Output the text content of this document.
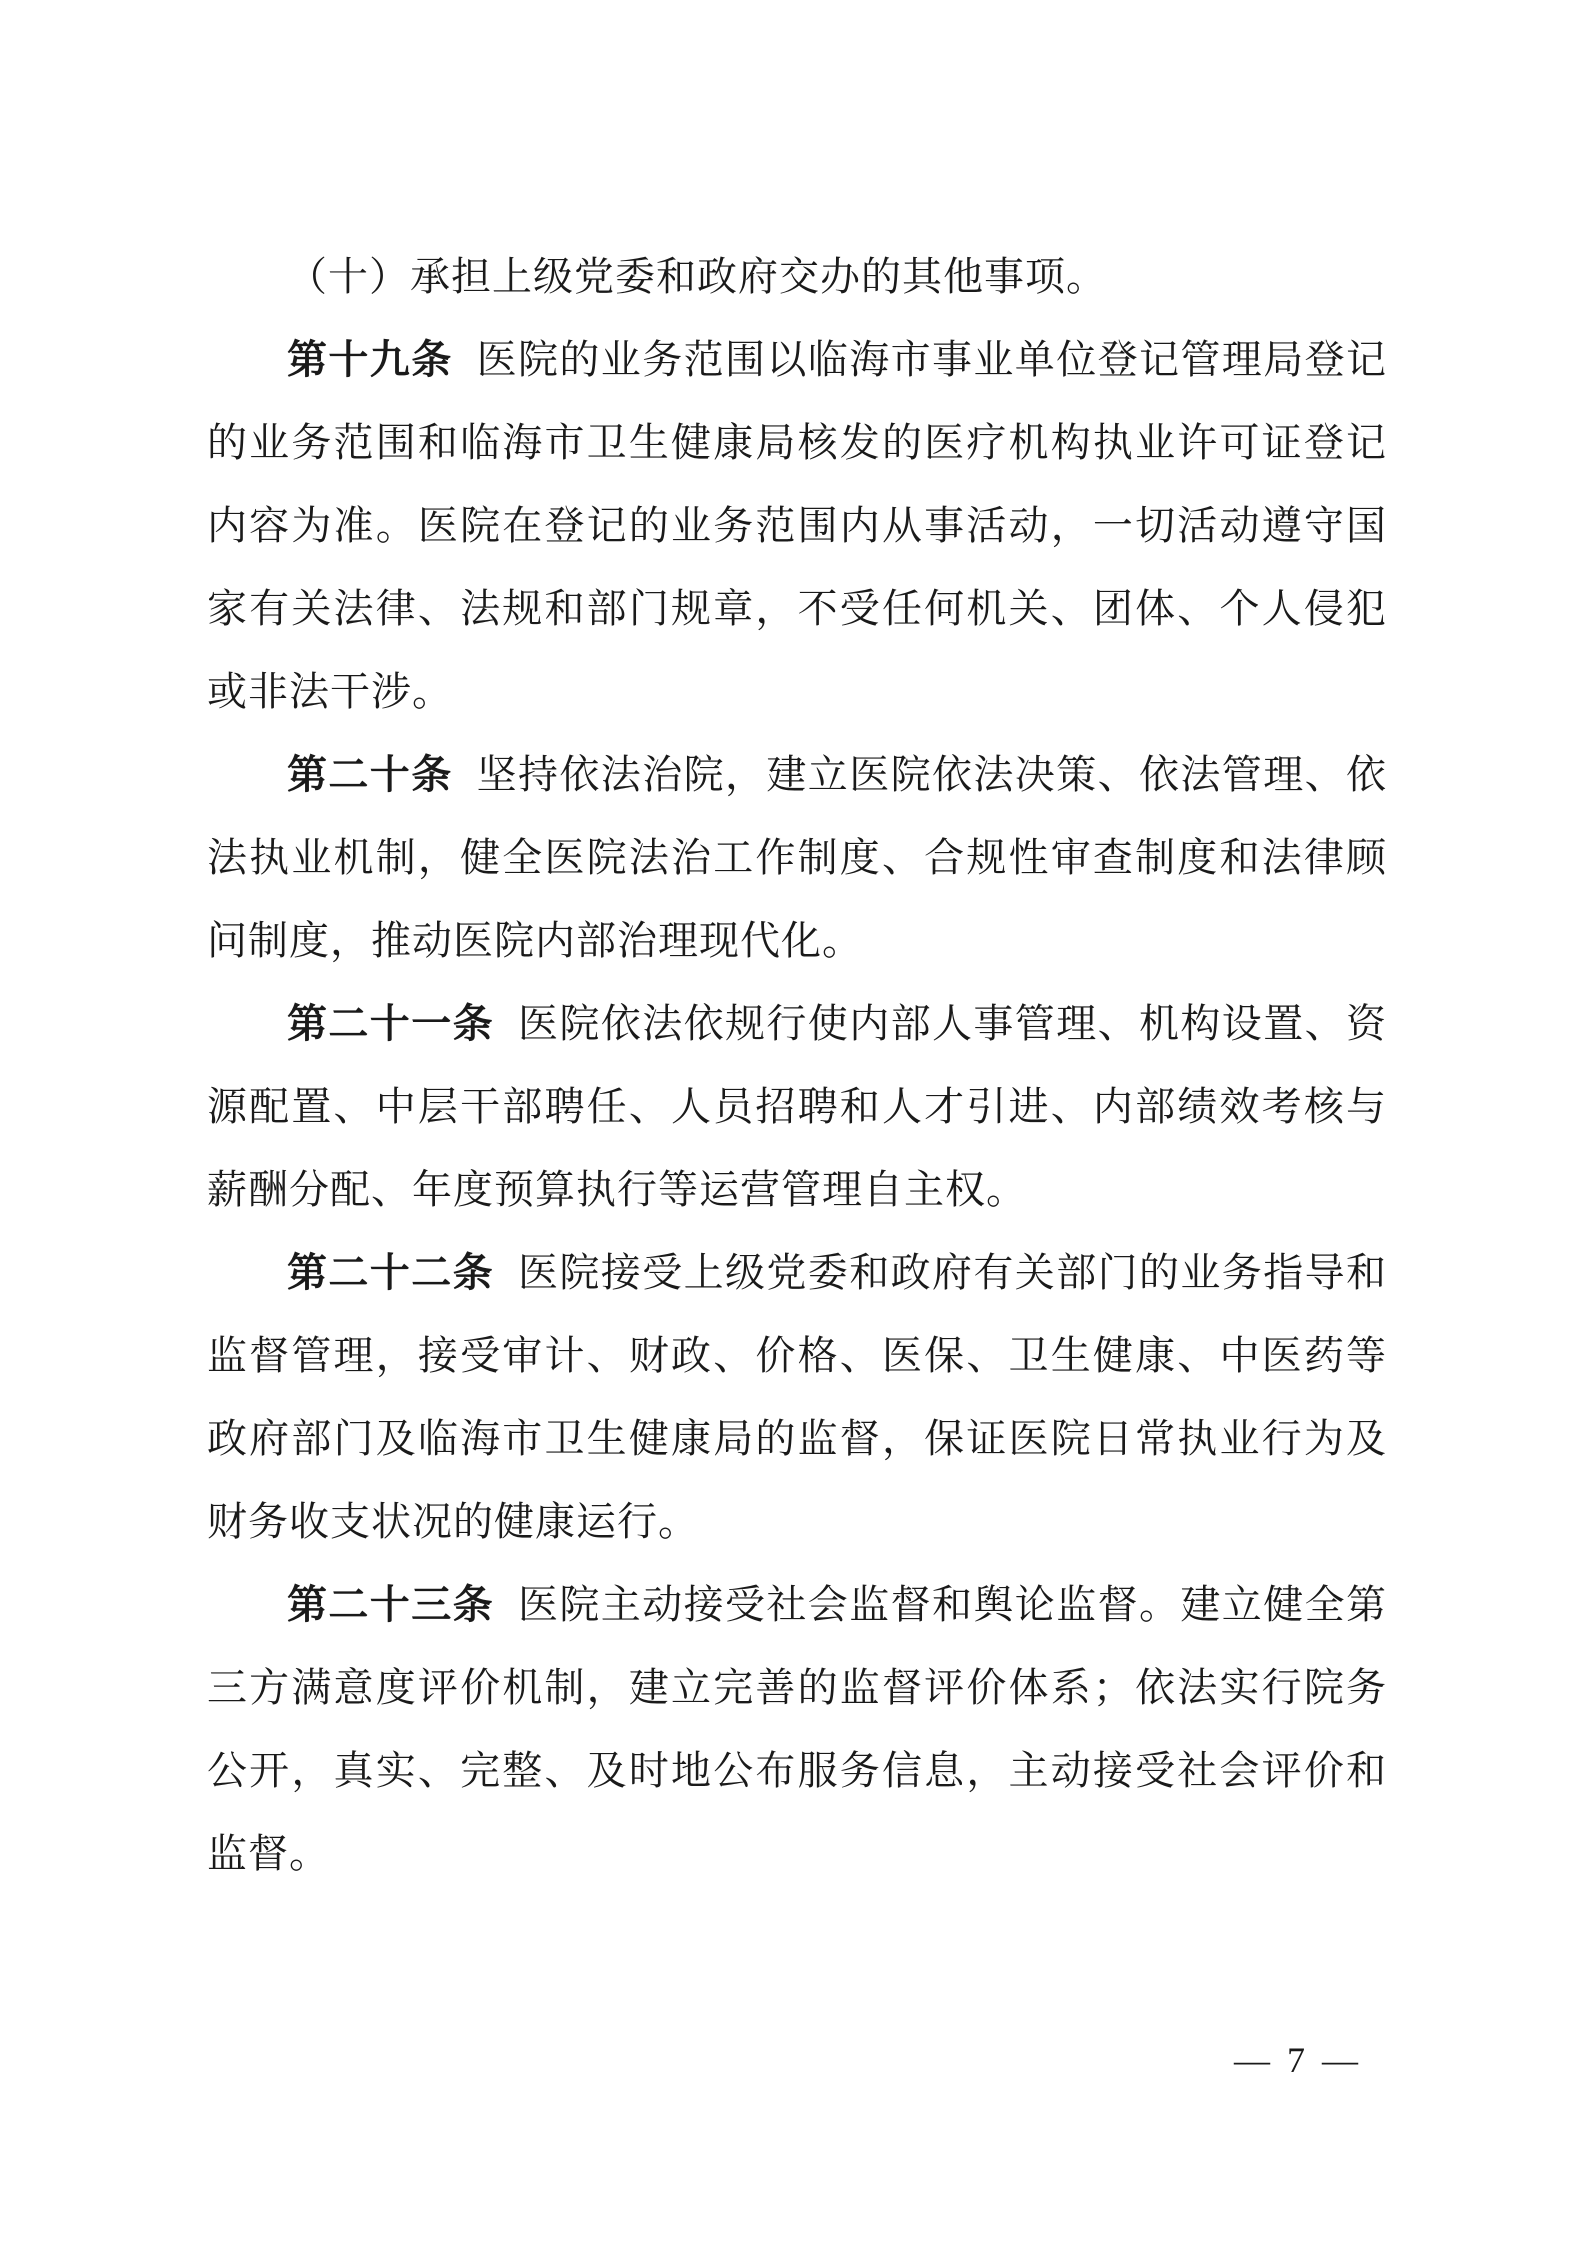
（十）承担上级党委和政府交办的其他事项。

第十九条 医院的业务范围以临海市事业单位登记管理局登记的业务范围和临海市卫生健康局核发的医疗机构执业许可证登记内容为准。医院在登记的业务范围内从事活动，一切活动遵守国家有关法律、法规和部门规章，不受任何机关、团体、个人侵犯或非法干涉。

第二十条 坚持依法治院，建立医院依法决策、依法管理、依法执业机制，健全医院法治工作制度、合规性审查制度和法律顾问制度，推动医院内部治理现代化。

第二十一条 医院依法依规行使内部人事管理、机构设置、资源配置、中层干部聘任、人员招聘和人才引进、内部绩效考核与薪酬分配、年度预算执行等运营管理自主权。

第二十二条 医院接受上级党委和政府有关部门的业务指导和监督管理，接受审计、财政、价格、医保、卫生健康、中医药等政府部门及临海市卫生健康局的监督，保证医院日常执业行为及财务收支状况的健康运行。

第二十三条 医院主动接受社会监督和舆论监督。建立健全第三方满意度评价机制，建立完善的监督评价体系；依法实行院务公开，真实、完整、及时地公布服务信息，主动接受社会评价和监督。

— 7 —
